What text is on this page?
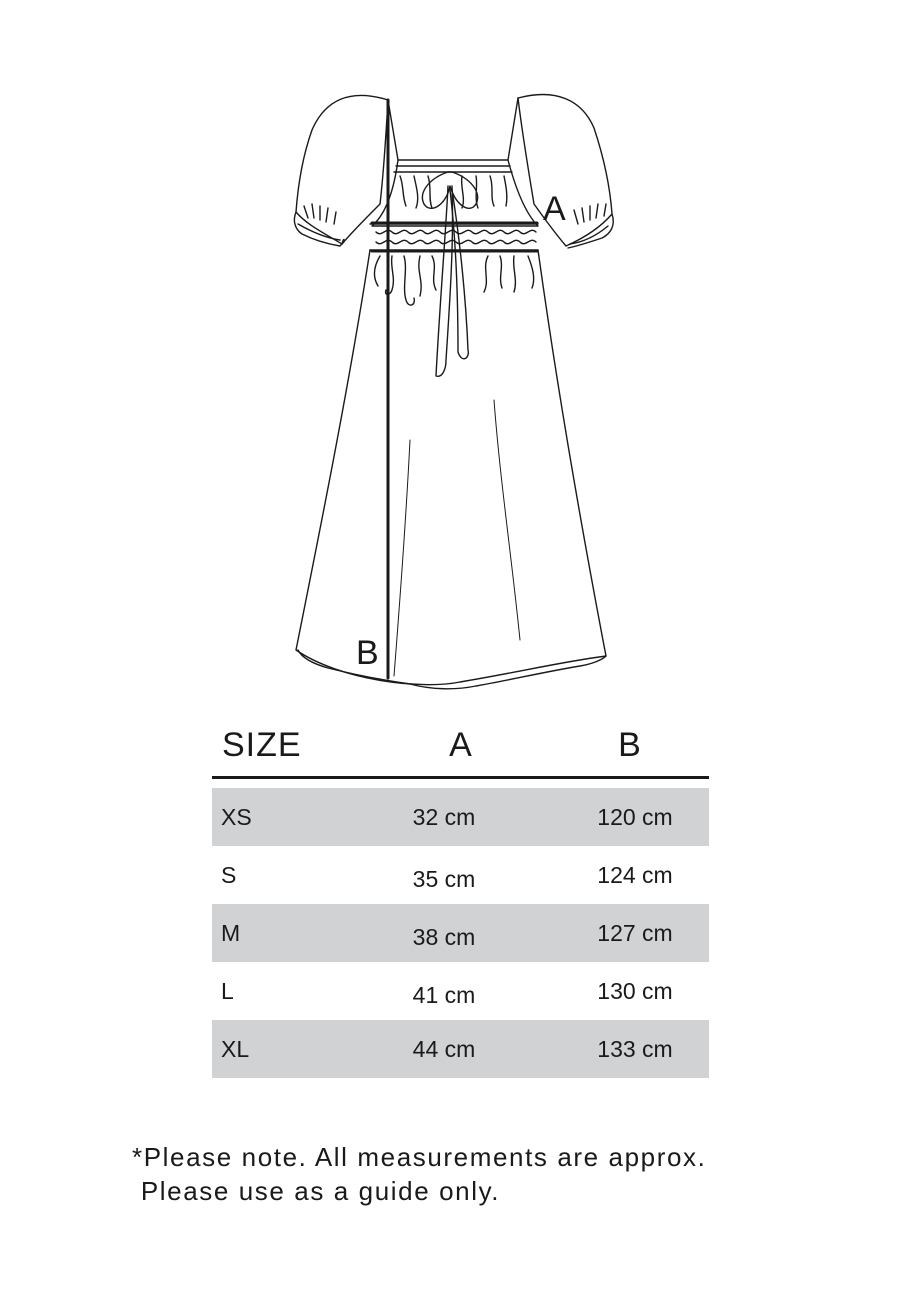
A
B
SIZE	A	B
XS	32 cm	120 cm
S	35 cm	124 cm
M	38 cm	127 cm
L	41 cm	130 cm
XL	44 cm	133 cm
*Please note. All measurements are approx.
Please use as a guide only.
